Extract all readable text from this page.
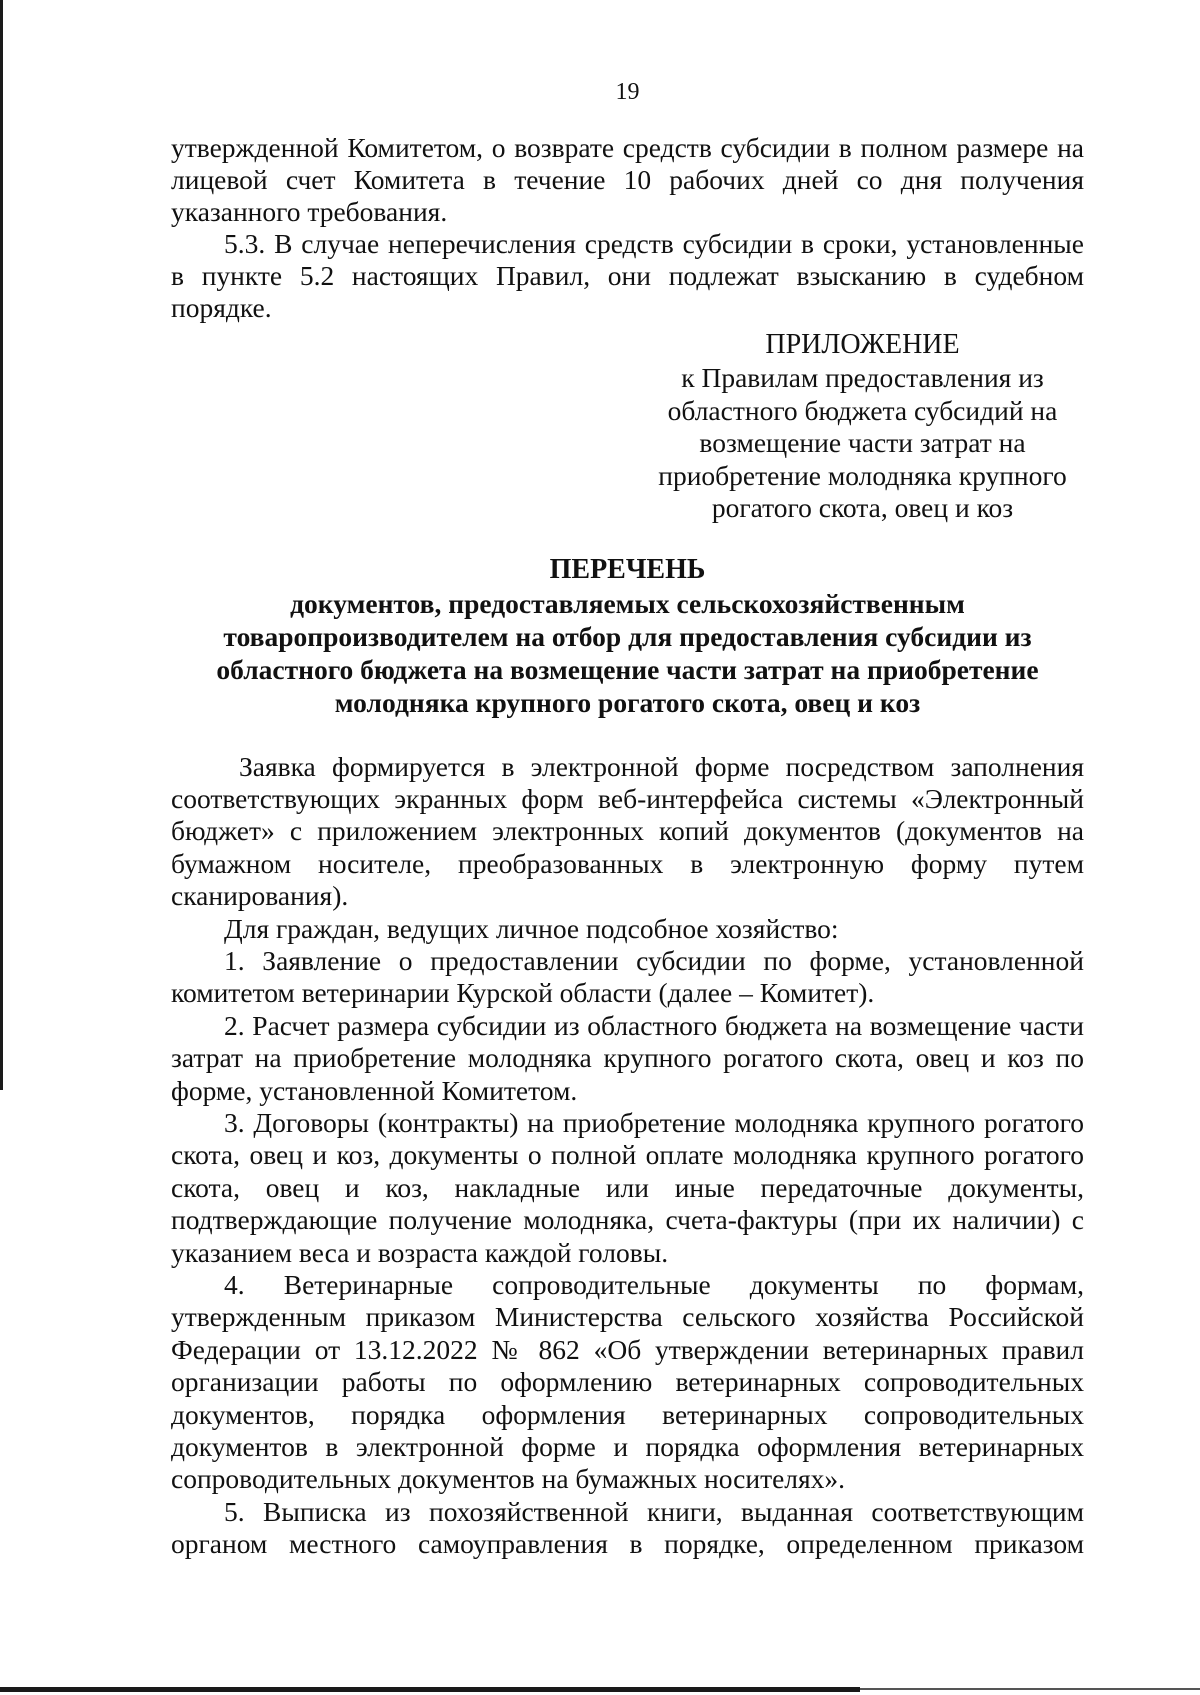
19

утвержденной Комитетом, о возврате средств субсидии в полном размере на лицевой счет Комитета в течение 10 рабочих дней со дня получения указанного требования.

5.3. В случае неперечисления средств субсидии в сроки, установленные в пункте 5.2 настоящих Правил, они подлежат взысканию в судебном порядке.

ПРИЛОЖЕНИЕ
к Правилам предоставления из областного бюджета субсидий на возмещение части затрат на приобретение молодняка крупного рогатого скота, овец и коз
ПЕРЕЧЕНЬ
документов, предоставляемых сельскохозяйственным товаропроизводителем на отбор для предоставления субсидии из областного бюджета на возмещение части затрат на приобретение молодняка крупного рогатого скота, овец и коз

Заявка формируется в электронной форме посредством заполнения соответствующих экранных форм веб-интерфейса системы «Электронный бюджет» с приложением электронных копий документов (документов на бумажном носителе, преобразованных в электронную форму путем сканирования).

Для граждан, ведущих личное подсобное хозяйство:

1. Заявление о предоставлении субсидии по форме, установленной комитетом ветеринарии Курской области (далее – Комитет).

2. Расчет размера субсидии из областного бюджета на возмещение части затрат на приобретение молодняка крупного рогатого скота, овец и коз по форме, установленной Комитетом.

3. Договоры (контракты) на приобретение молодняка крупного рогатого скота, овец и коз, документы о полной оплате молодняка крупного рогатого скота, овец и коз, накладные или иные передаточные документы, подтверждающие получение молодняка, счета-фактуры (при их наличии) с указанием веса и возраста каждой головы.

4. Ветеринарные сопроводительные документы по формам, утвержденным приказом Министерства сельского хозяйства Российской Федерации от 13.12.2022 № 862 «Об утверждении ветеринарных правил организации работы по оформлению ветеринарных сопроводительных документов, порядка оформления ветеринарных сопроводительных документов в электронной форме и порядка оформления ветеринарных сопроводительных документов на бумажных носителях».

5. Выписка из похозяйственной книги, выданная соответствующим органом местного самоуправления в порядке, определенном приказом
